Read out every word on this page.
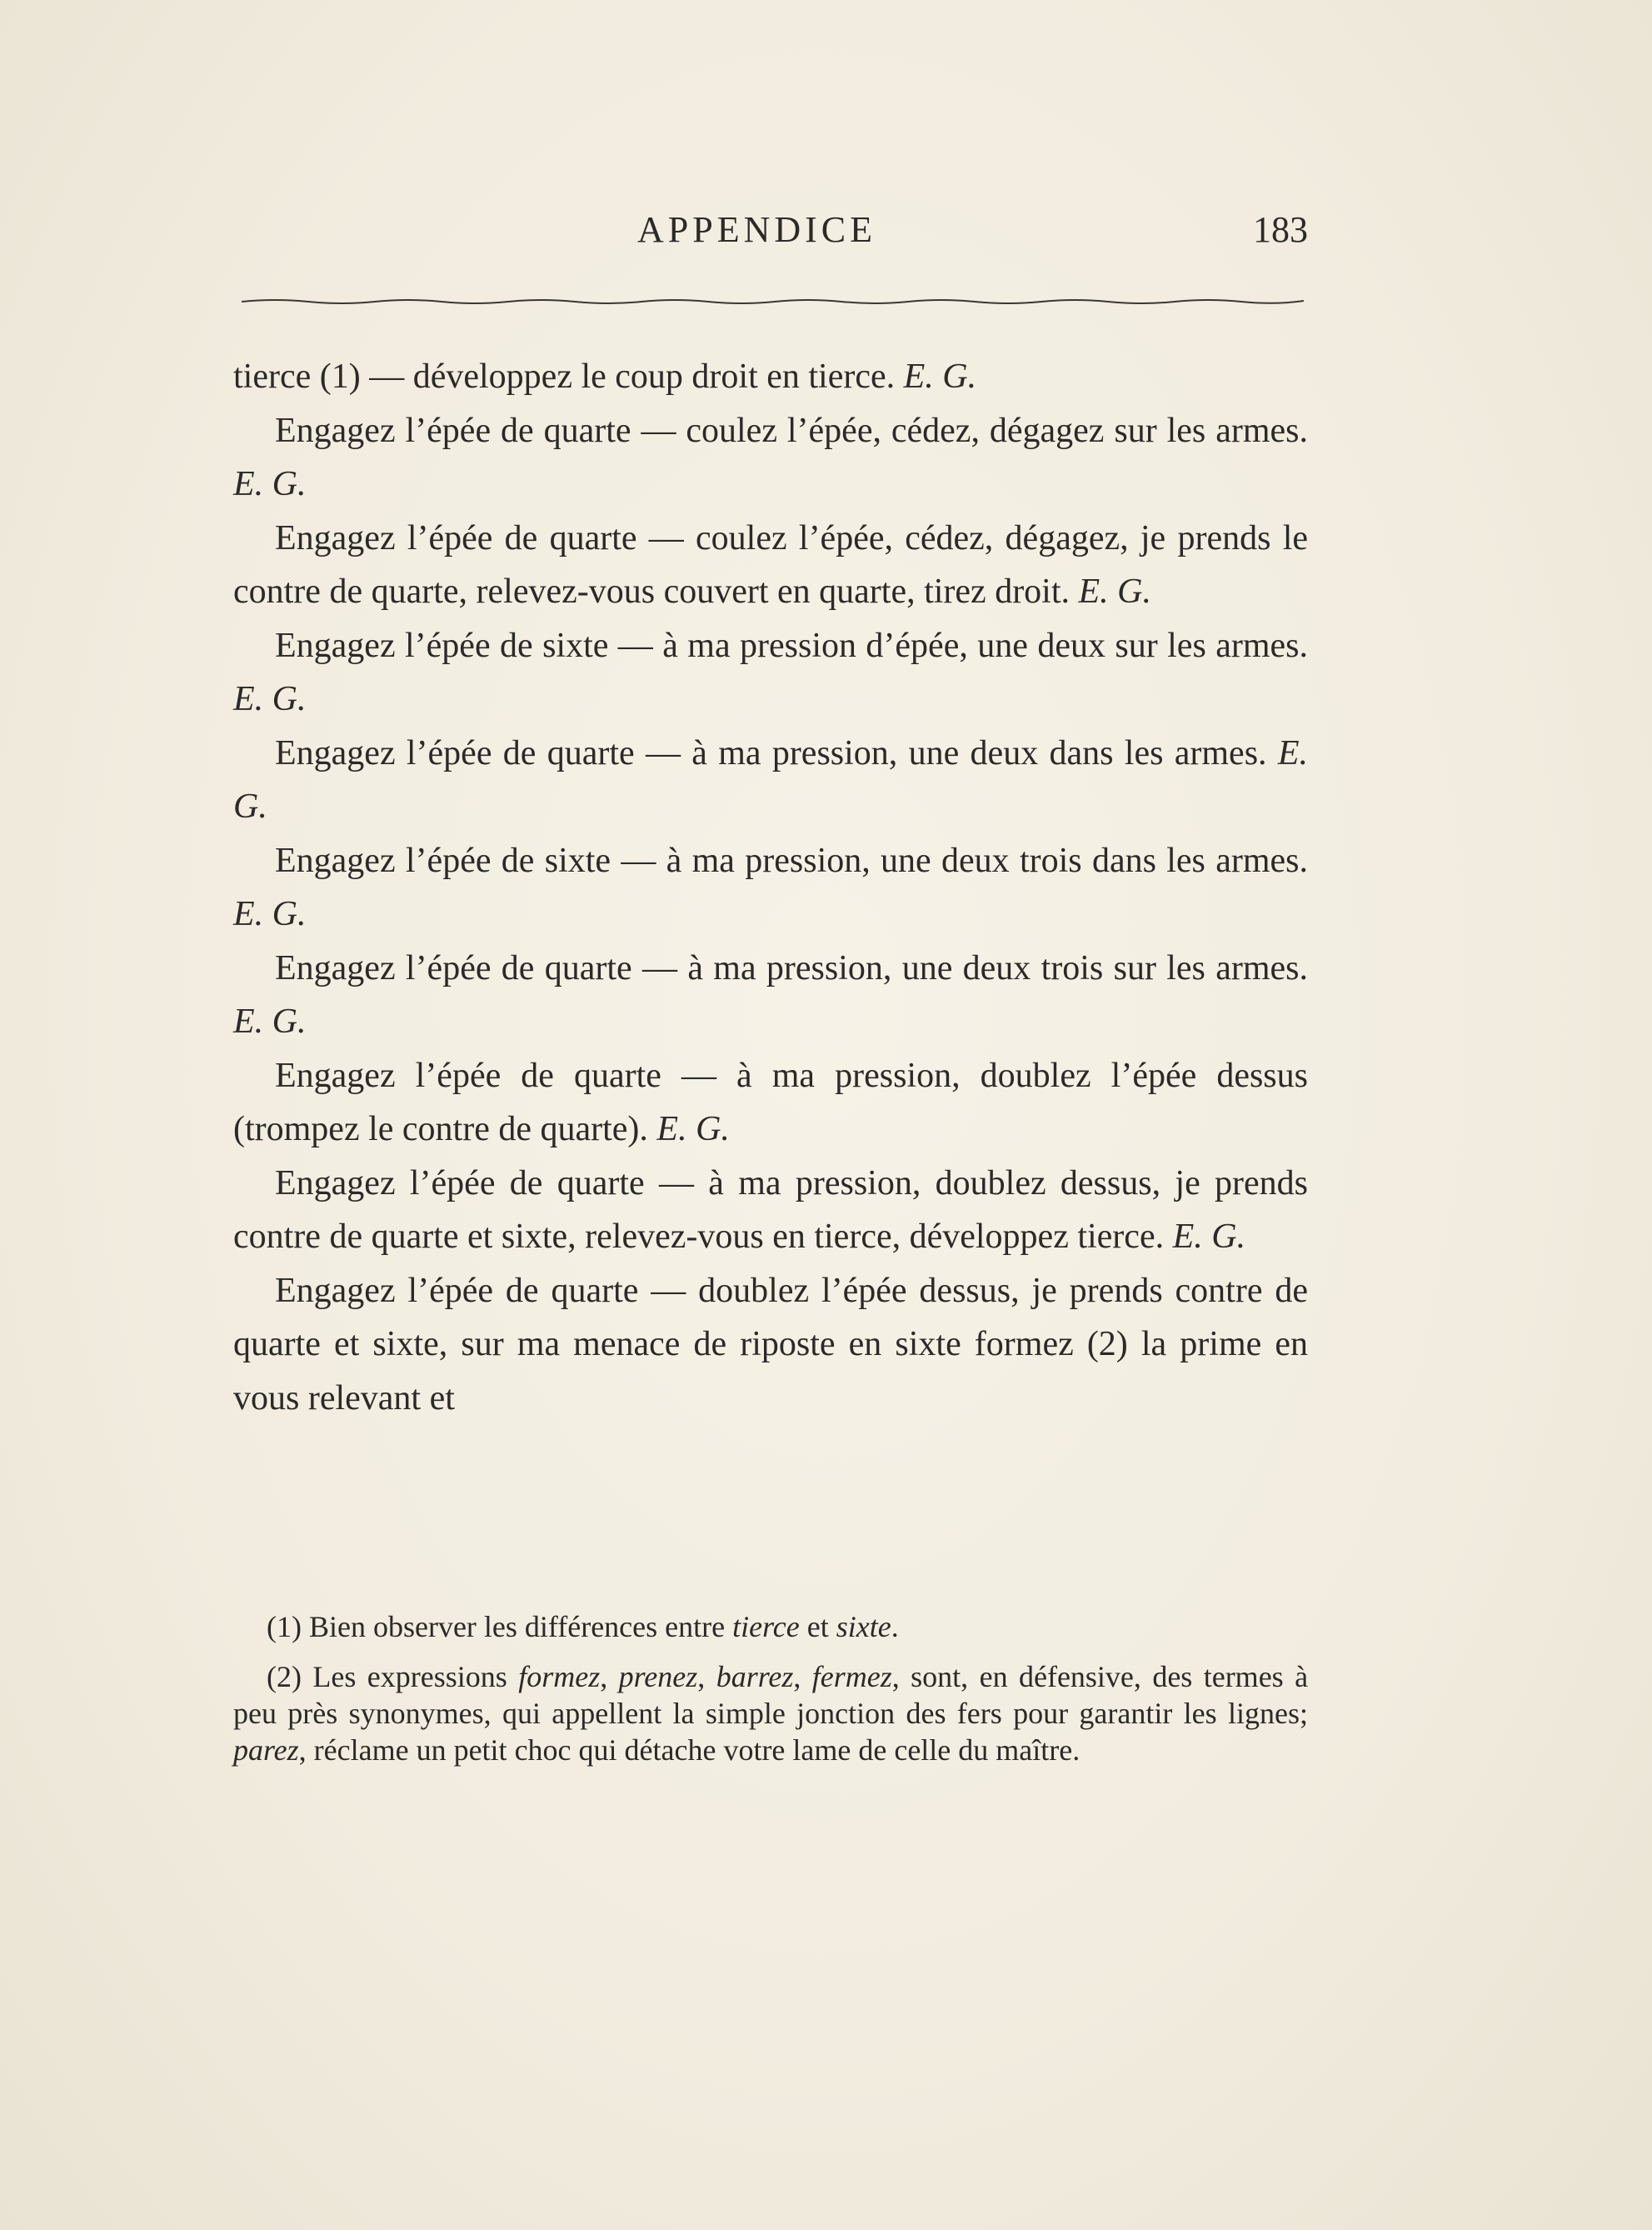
APPENDICE	183

tierce (1) — développez le coup droit en tierce. E. G.

Engagez l’épée de quarte — coulez l’épée, cédez, dégagez sur les armes. E. G.

Engagez l’épée de quarte — coulez l’épée, cédez, dégagez, je prends le contre de quarte, relevez-vous couvert en quarte, tirez droit. E. G.

Engagez l’épée de sixte — à ma pression d’épée, une deux sur les armes. E. G.

Engagez l’épée de quarte — à ma pression, une deux dans les armes. E. G.

Engagez l’épée de sixte — à ma pression, une deux trois dans les armes. E. G.

Engagez l’épée de quarte — à ma pression, une deux trois sur les armes. E. G.

Engagez l’épée de quarte — à ma pression, doublez l’épée dessus (trompez le contre de quarte). E. G.

Engagez l’épée de quarte — à ma pression, doublez dessus, je prends contre de quarte et sixte, relevez-vous en tierce, développez tierce. E. G.

Engagez l’épée de quarte — doublez l’épée dessus, je prends contre de quarte et sixte, sur ma menace de riposte en sixte formez (2) la prime en vous relevant et

(1) Bien observer les différences entre tierce et sixte.

(2) Les expressions formez, prenez, barrez, fermez, sont, en défensive, des termes à peu près synonymes, qui appellent la simple jonction des fers pour garantir les lignes; parez, réclame un petit choc qui détache votre lame de celle du maître.
